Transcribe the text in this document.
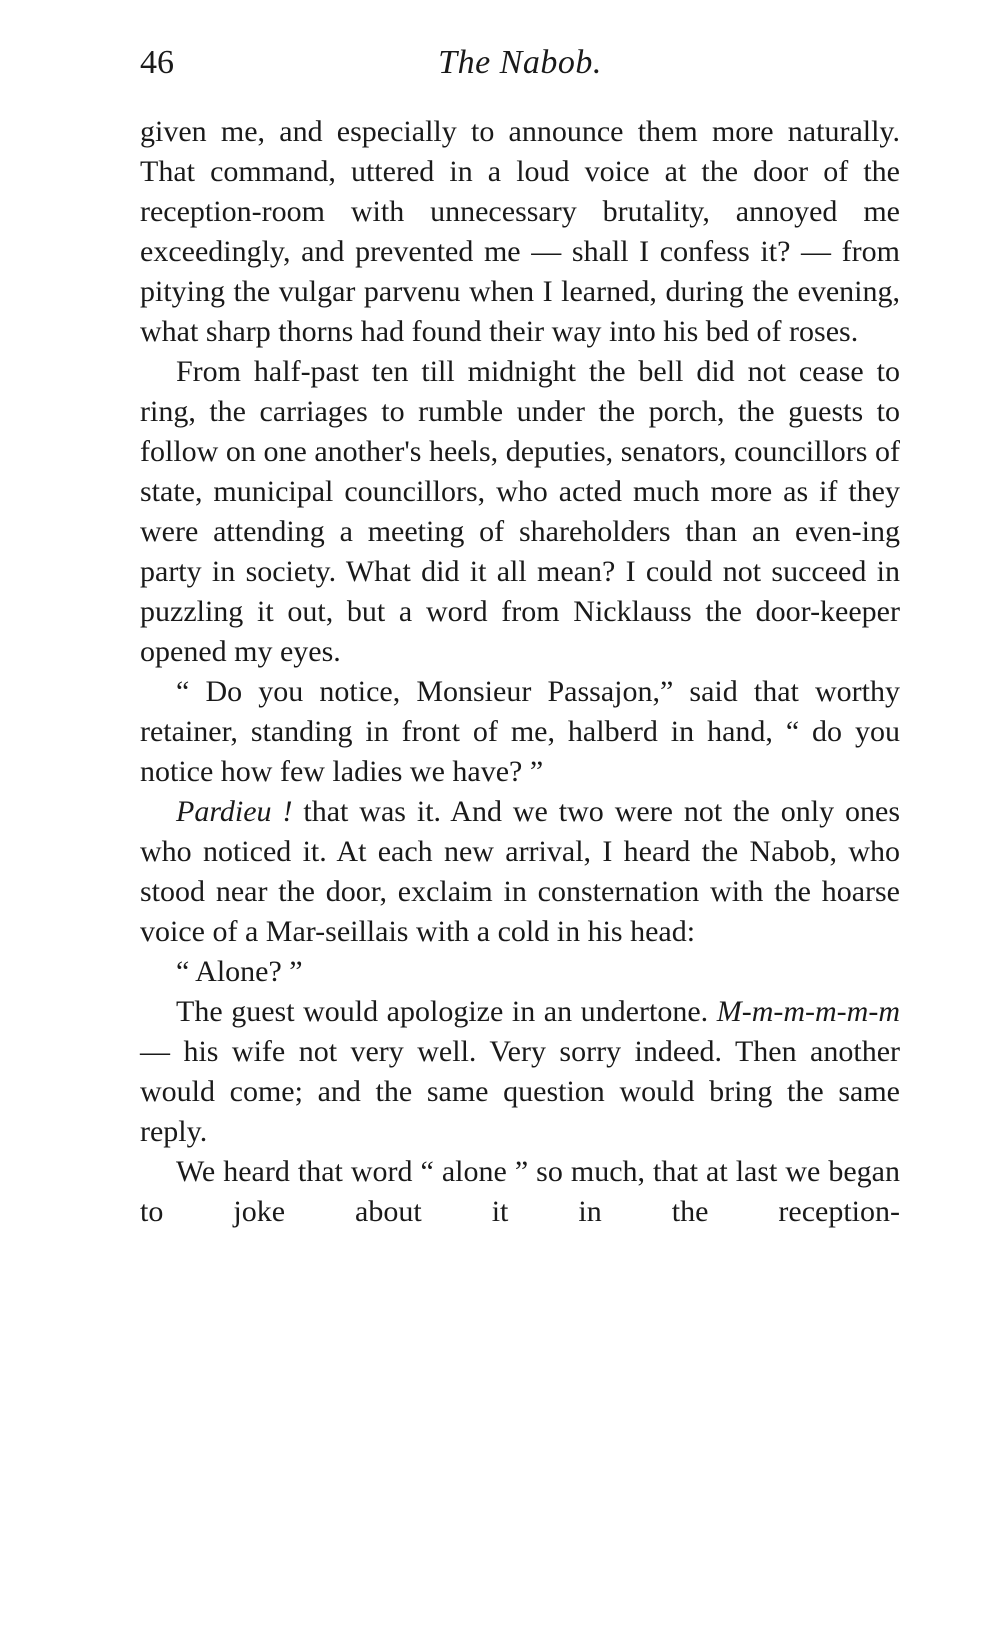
46	The Nabob.

given me, and especially to announce them more naturally. That command, uttered in a loud voice at the door of the reception-room with unnecessary brutality, annoyed me exceedingly, and prevented me — shall I confess it? — from pitying the vulgar parvenu when I learned, during the evening, what sharp thorns had found their way into his bed of roses.

From half-past ten till midnight the bell did not cease to ring, the carriages to rumble under the porch, the guests to follow on one another's heels, deputies, senators, councillors of state, municipal councillors, who acted much more as if they were attending a meeting of shareholders than an even-ing party in society. What did it all mean? I could not succeed in puzzling it out, but a word from Nicklauss the door-keeper opened my eyes.

“ Do you notice, Monsieur Passajon,” said that worthy retainer, standing in front of me, halberd in hand, “ do you notice how few ladies we have? ”

Pardieu ! that was it. And we two were not the only ones who noticed it. At each new arrival, I heard the Nabob, who stood near the door, exclaim in consternation with the hoarse voice of a Mar-seillais with a cold in his head:

“ Alone? ”

The guest would apologize in an undertone. M-m-m-m-m-m — his wife not very well. Very sorry indeed. Then another would come; and the same question would bring the same reply.

We heard that word “ alone ” so much, that at last we began to joke about it in the reception-
